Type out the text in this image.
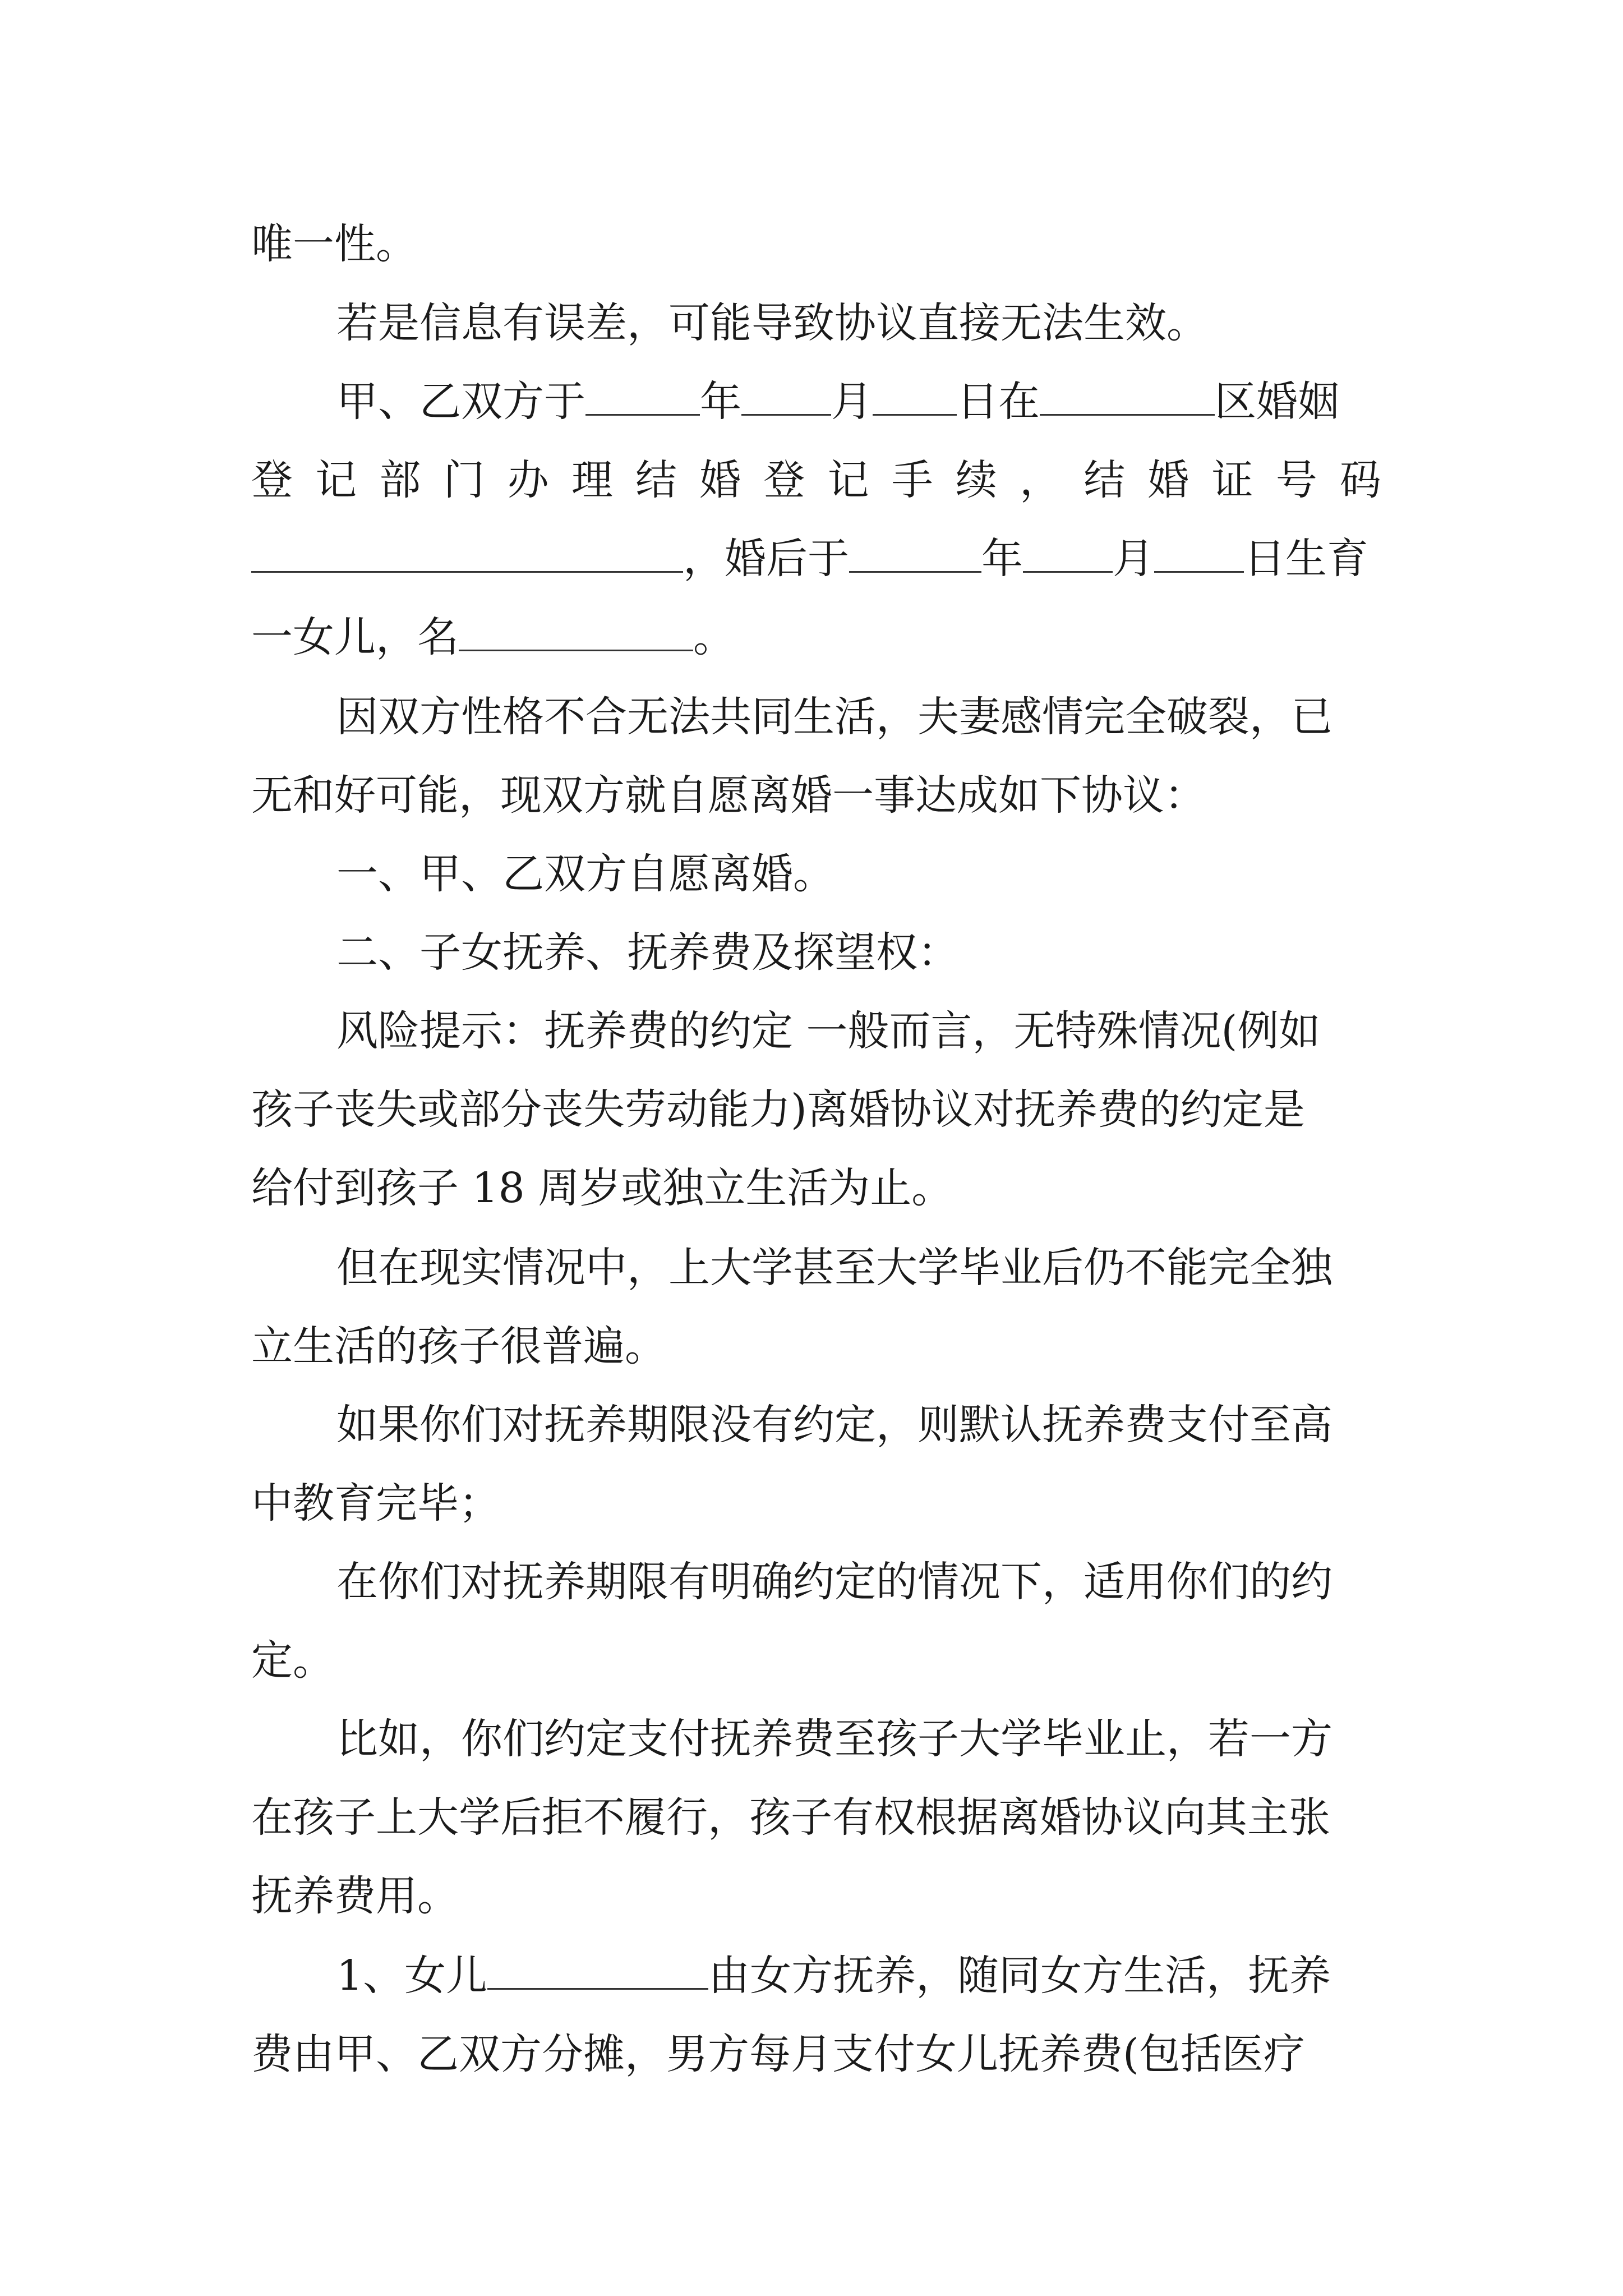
唯一性。
若是信息有误差，可能导致协议直接无法生效。
甲、乙双方于	年 月 日在	区婚姻
登 记 部 门 办 理 结 婚 登 记 手 续 ， 结 婚 证 号 码
，婚后于	年 月 日生育
一女儿，名	。
因双方性格不合无法共同生活，夫妻感情完全破裂，已
无和好可能，现双方就自愿离婚一事达成如下协议：
一、甲、乙双方自愿离婚。
二、子女抚养、抚养费及探望权：
风险提示：抚养费的约定 一般而言，无特殊情况(例如
孩子丧失或部分丧失劳动能力)离婚协议对抚养费的约定是
给付到孩子 18 周岁或独立生活为止。
但在现实情况中，上大学甚至大学毕业后仍不能完全独
立生活的孩子很普遍。
如果你们对抚养期限没有约定，则默认抚养费支付至高
中教育完毕；
在你们对抚养期限有明确约定的情况下，适用你们的约
定。
比如，你们约定支付抚养费至孩子大学毕业止，若一方
在孩子上大学后拒不履行，孩子有权根据离婚协议向其主张
抚养费用。
1、女儿	由女方抚养，随同女方生活，抚养
费由甲、乙双方分摊，男方每月支付女儿抚养费(包括医疗
